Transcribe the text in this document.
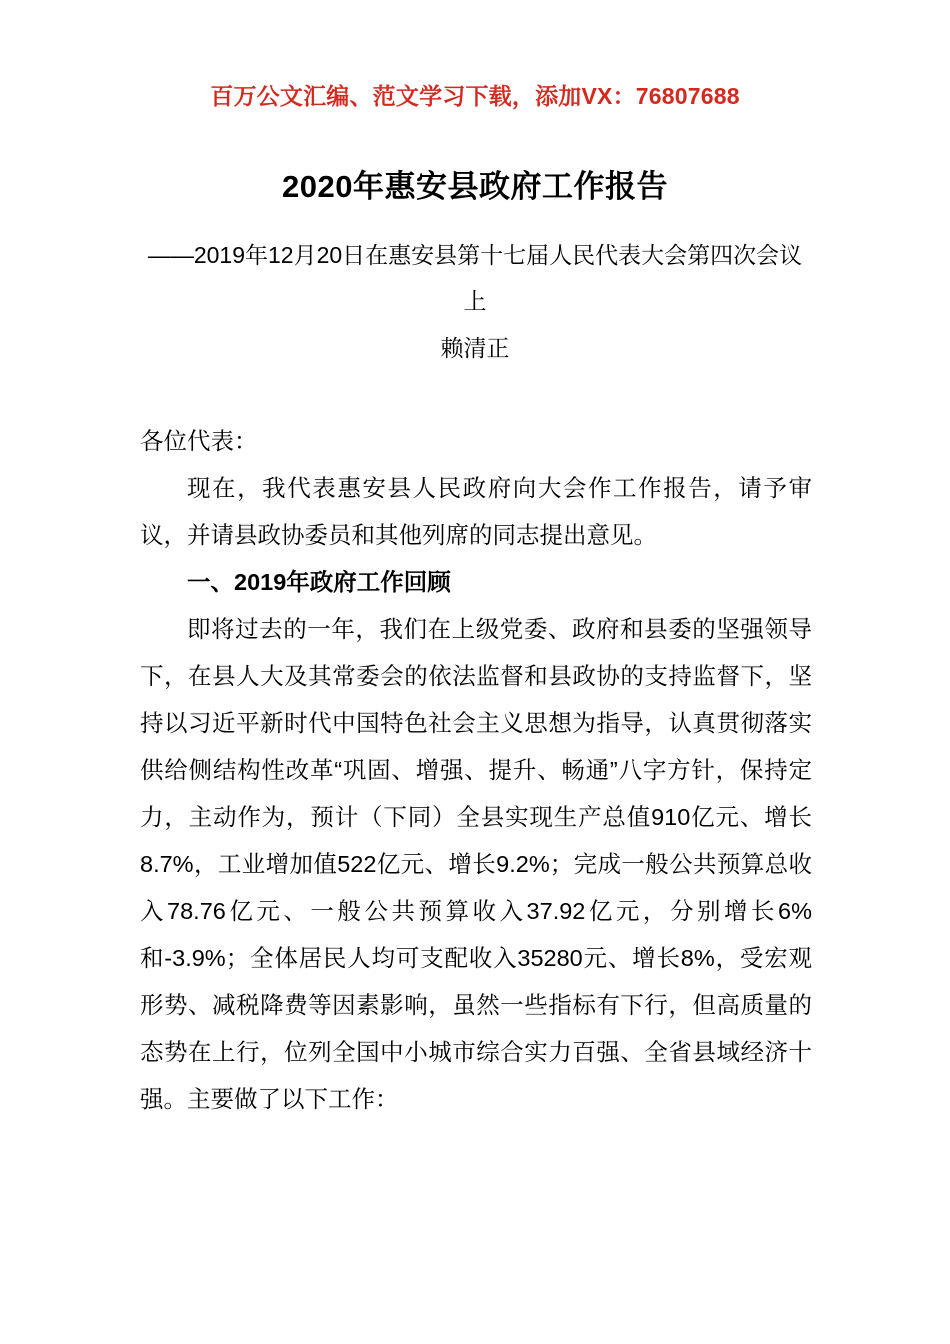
百万公文汇编、范文学习下载，添加VX：76807688
2020年惠安县政府工作报告
——2019年12月20日在惠安县第十七届人民代表大会第四次会议上
赖清正

各位代表：

现在，我代表惠安县人民政府向大会作工作报告，请予审议，并请县政协委员和其他列席的同志提出意见。

一、2019年政府工作回顾

即将过去的一年，我们在上级党委、政府和县委的坚强领导下，在县人大及其常委会的依法监督和县政协的支持监督下，坚持以习近平新时代中国特色社会主义思想为指导，认真贯彻落实供给侧结构性改革“巩固、增强、提升、畅通”八字方针，保持定力，主动作为，预计（下同）全县实现生产总值910亿元、增长8.7%，工业增加值522亿元、增长9.2%；完成一般公共预算总收入78.76亿元、一般公共预算收入37.92亿元，分别增长6%和-3.9%；全体居民人均可支配收入35280元、增长8%，受宏观形势、减税降费等因素影响，虽然一些指标有下行，但高质量的态势在上行，位列全国中小城市综合实力百强、全省县域经济十强。主要做了以下工作：
